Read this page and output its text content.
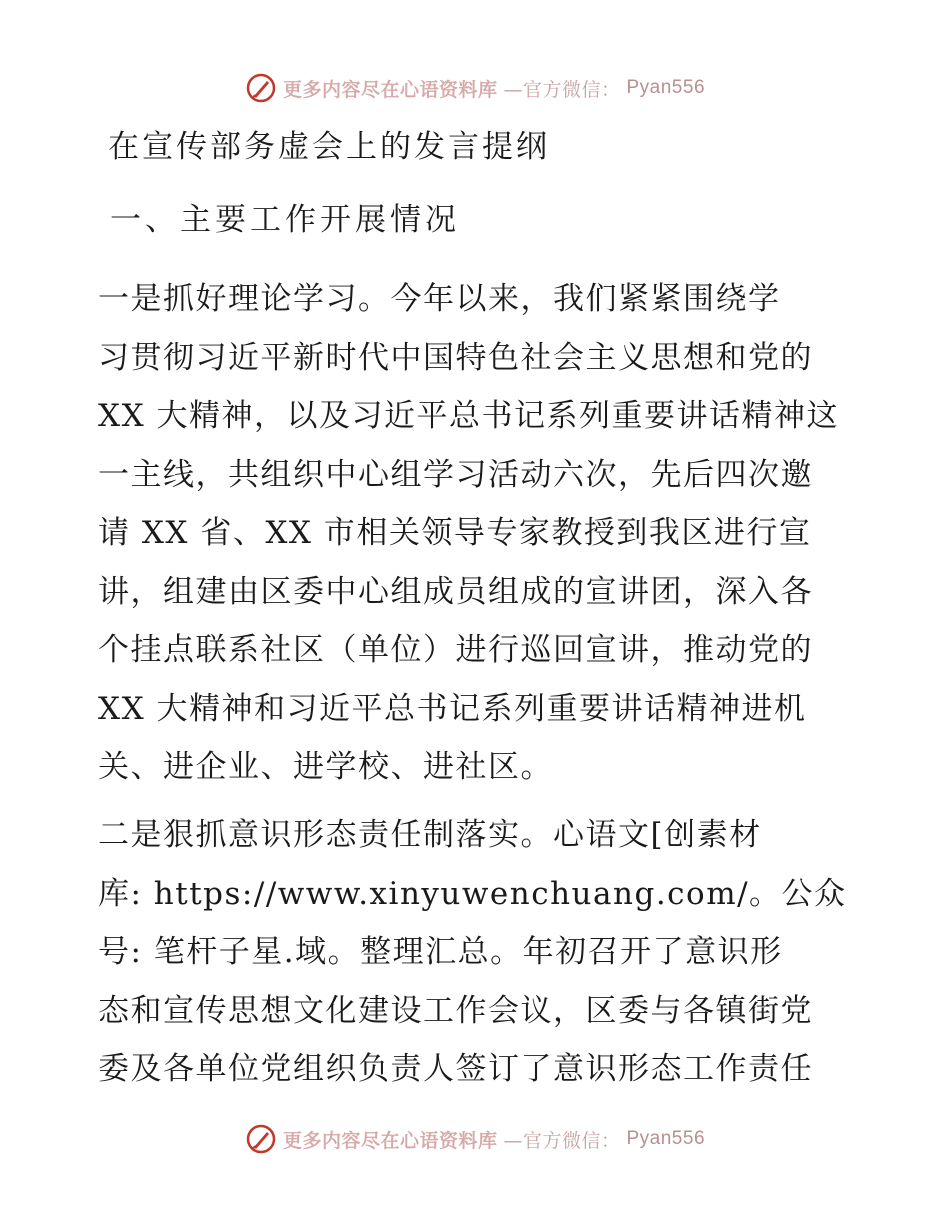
更多内容尽在心语资料库 —官方微信： Pyan556
在宣传部务虚会上的发言提纲
一、主要工作开展情况

一是抓好理论学习。今年以来，我们紧紧围绕学
习贯彻习近平新时代中国特色社会主义思想和党的
XX 大精神，以及习近平总书记系列重要讲话精神这
一主线，共组织中心组学习活动六次，先后四次邀
请 XX 省、XX 市相关领导专家教授到我区进行宣
讲，组建由区委中心组成员组成的宣讲团，深入各
个挂点联系社区（单位）进行巡回宣讲，推动党的
XX 大精神和习近平总书记系列重要讲话精神进机
关、进企业、进学校、进社区。

二是狠抓意识形态责任制落实。心语文[创素材
库: https://www.xinyuwenchuang.com/。公众
号: 笔杆子星.域。整理汇总。年初召开了意识形
态和宣传思想文化建设工作会议，区委与各镇街党
委及各单位党组织负责人签订了意识形态工作责任

更多内容尽在心语资料库 —官方微信： Pyan556
